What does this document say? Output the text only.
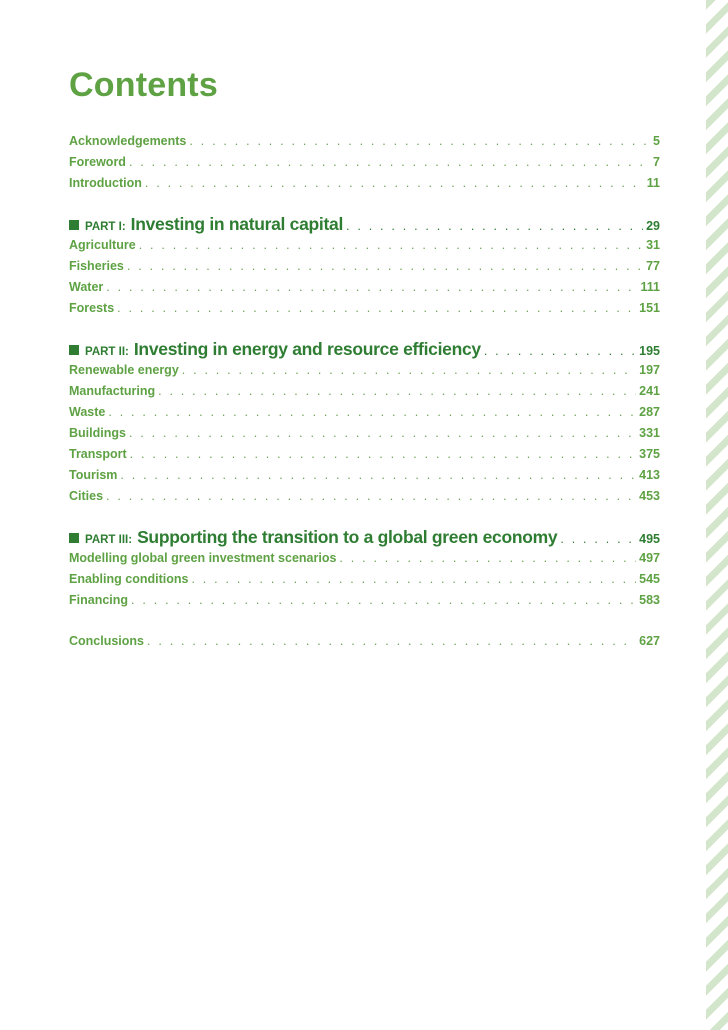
Contents
Acknowledgements . . .	5
Foreword . . .	7
Introduction . . .	11
PART I: Investing in natural capital . . .	29
Agriculture . . .	31
Fisheries . . .	77
Water . . .	111
Forests . . .	151
PART II: Investing in energy and resource efficiency . . .	195
Renewable energy . . .	197
Manufacturing . . .	241
Waste . . .	287
Buildings . . .	331
Transport . . .	375
Tourism . . .	413
Cities . . .	453
PART III: Supporting the transition to a global green economy . . .	495
Modelling global green investment scenarios . . .	497
Enabling conditions . . .	545
Financing . . .	583
Conclusions . . .	627
